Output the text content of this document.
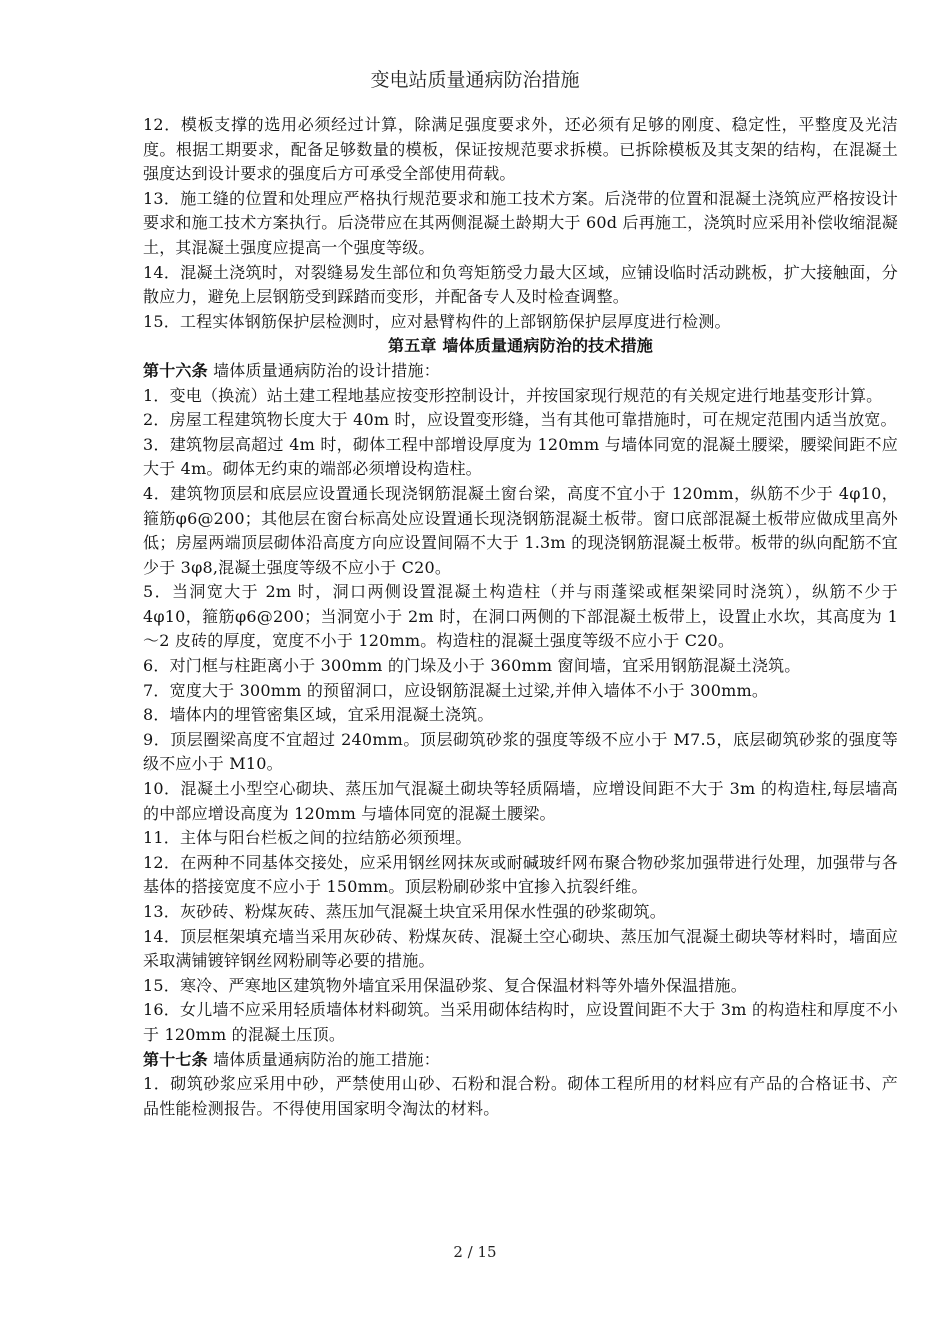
变电站质量通病防治措施

12．模板支撑的选用必须经过计算，除满足强度要求外，还必须有足够的刚度、稳定性，平整度及光洁度。根据工期要求，配备足够数量的模板，保证按规范要求拆模。已拆除模板及其支架的结构，在混凝土强度达到设计要求的强度后方可承受全部使用荷载。

13．施工缝的位置和处理应严格执行规范要求和施工技术方案。后浇带的位置和混凝土浇筑应严格按设计要求和施工技术方案执行。后浇带应在其两侧混凝土龄期大于 60d 后再施工，浇筑时应采用补偿收缩混凝土，其混凝土强度应提高一个强度等级。

14．混凝土浇筑时，对裂缝易发生部位和负弯矩筋受力最大区域，应铺设临时活动跳板，扩大接触面，分散应力，避免上层钢筋受到踩踏而变形，并配备专人及时检查调整。

15．工程实体钢筋保护层检测时，应对悬臂构件的上部钢筋保护层厚度进行检测。

第五章 墙体质量通病防治的技术措施

第十六条 墙体质量通病防治的设计措施：

1．变电（换流）站土建工程地基应按变形控制设计，并按国家现行规范的有关规定进行地基变形计算。

2．房屋工程建筑物长度大于 40m 时，应设置变形缝，当有其他可靠措施时，可在规定范围内适当放宽。

3．建筑物层高超过 4m 时，砌体工程中部增设厚度为 120mm 与墙体同宽的混凝土腰梁，腰梁间距不应大于 4m。砌体无约束的端部必须增设构造柱。

4．建筑物顶层和底层应设置通长现浇钢筋混凝土窗台梁，高度不宜小于 120mm，纵筋不少于 4φ10，箍筋φ6@200；其他层在窗台标高处应设置通长现浇钢筋混凝土板带。窗口底部混凝土板带应做成里高外低；房屋两端顶层砌体沿高度方向应设置间隔不大于 1.3m 的现浇钢筋混凝土板带。板带的纵向配筋不宜少于 3φ8,混凝土强度等级不应小于 C20。

5．当洞宽大于 2m 时，洞口两侧设置混凝土构造柱（并与雨蓬梁或框架梁同时浇筑），纵筋不少于 4φ10，箍筋φ6@200；当洞宽小于 2m 时，在洞口两侧的下部混凝土板带上，设置止水坎，其高度为 1～2 皮砖的厚度，宽度不小于 120mm。构造柱的混凝土强度等级不应小于 C20。

6．对门框与柱距离小于 300mm 的门垛及小于 360mm 窗间墙，宜采用钢筋混凝土浇筑。

7．宽度大于 300mm 的预留洞口，应设钢筋混凝土过梁,并伸入墙体不小于 300mm。

8．墙体内的埋管密集区域，宜采用混凝土浇筑。

9．顶层圈梁高度不宜超过 240mm。顶层砌筑砂浆的强度等级不应小于 M7.5，底层砌筑砂浆的强度等级不应小于 M10。

10．混凝土小型空心砌块、蒸压加气混凝土砌块等轻质隔墙，应增设间距不大于 3m 的构造柱,每层墙高的中部应增设高度为 120mm 与墙体同宽的混凝土腰梁。

11．主体与阳台栏板之间的拉结筋必须预埋。

12．在两种不同基体交接处，应采用钢丝网抹灰或耐碱玻纤网布聚合物砂浆加强带进行处理，加强带与各基体的搭接宽度不应小于 150mm。顶层粉刷砂浆中宜掺入抗裂纤维。

13．灰砂砖、粉煤灰砖、蒸压加气混凝土块宜采用保水性强的砂浆砌筑。

14．顶层框架填充墙当采用灰砂砖、粉煤灰砖、混凝土空心砌块、蒸压加气混凝土砌块等材料时，墙面应采取满铺镀锌钢丝网粉刷等必要的措施。

15．寒冷、严寒地区建筑物外墙宜采用保温砂浆、复合保温材料等外墙外保温措施。

16．女儿墙不应采用轻质墙体材料砌筑。当采用砌体结构时，应设置间距不大于 3m 的构造柱和厚度不小于 120mm 的混凝土压顶。

第十七条 墙体质量通病防治的施工措施：

1．砌筑砂浆应采用中砂，严禁使用山砂、石粉和混合粉。砌体工程所用的材料应有产品的合格证书、产品性能检测报告。不得使用国家明令淘汰的材料。

2 / 15
